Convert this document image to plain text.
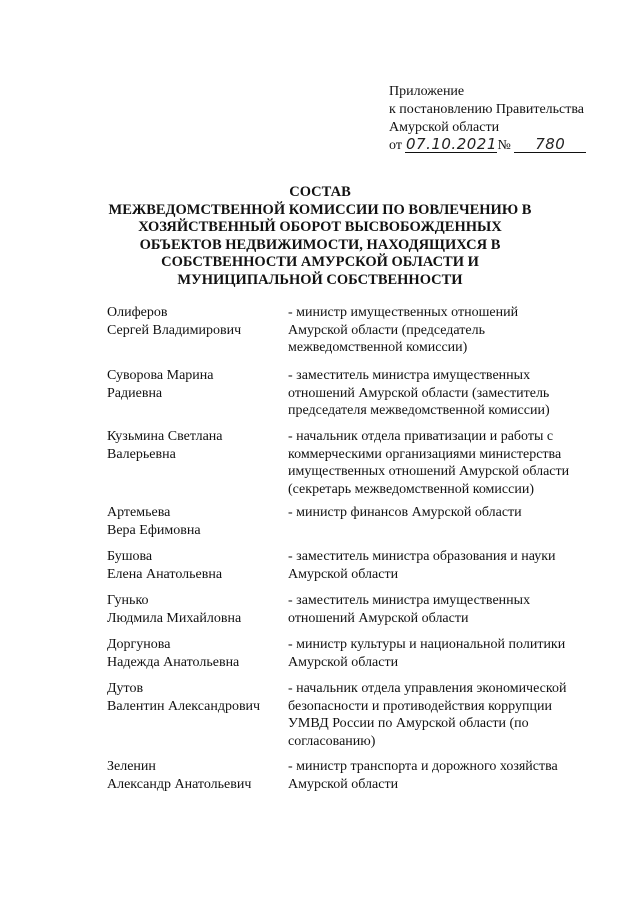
Приложение
к постановлению Правительства
Амурской области
от 07.10.2021№ 780
СОСТАВ
МЕЖВЕДОМСТВЕННОЙ КОМИССИИ ПО ВОВЛЕЧЕНИЮ В
ХОЗЯЙСТВЕННЫЙ ОБОРОТ ВЫСВОБОЖДЕННЫХ
ОБЪЕКТОВ НЕДВИЖИМОСТИ, НАХОДЯЩИХСЯ В
СОБСТВЕННОСТИ АМУРСКОЙ ОБЛАСТИ И
МУНИЦИПАЛЬНОЙ СОБСТВЕННОСТИ
Олиферов
Сергей Владимирович
- министр имущественных отношений
Амурской области (председатель
межведомственной комиссии)
Суворова Марина
Радиевна
- заместитель министра имущественных
отношений Амурской области (заместитель
председателя межведомственной комиссии)
Кузьмина Светлана
Валерьевна
- начальник отдела приватизации и работы с
коммерческими организациями министерства
имущественных отношений Амурской области
(секретарь межведомственной комиссии)
Артемьева
Вера Ефимовна
- министр финансов Амурской области
Бушова
Елена Анатольевна
- заместитель министра образования и науки
Амурской области
Гунько
Людмила Михайловна
- заместитель министра имущественных
отношений Амурской области
Доргунова
Надежда Анатольевна
- министр культуры и национальной политики
Амурской области
Дутов
Валентин Александрович
- начальник отдела управления экономической
безопасности и противодействия коррупции
УМВД России по Амурской области (по
согласованию)
Зеленин
Александр Анатольевич
- министр транспорта и дорожного хозяйства
Амурской области
